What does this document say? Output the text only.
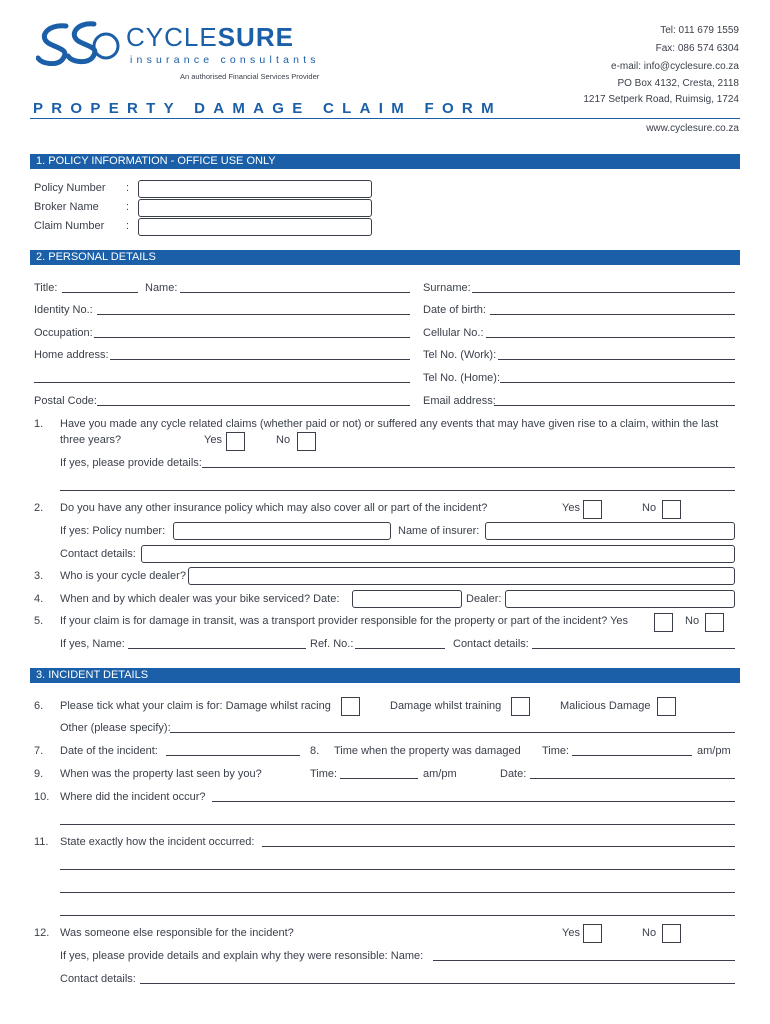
CYCLESURE
insurance consultants
An authorised Financial Services Provider
Tel: 011 679 1559
Fax: 086 574 6304
e-mail: info@cyclesure.co.za
PO Box 4132, Cresta, 2118
1217 Setperk Road, Ruimsig, 1724
PROPERTY DAMAGE CLAIM FORM
www.cyclesure.co.za
1. POLICY INFORMATION - OFFICE USE ONLY
Policy Number :
Broker Name :
Claim Number :
2. PERSONAL DETAILS
Title:	Name:	Surname:
Identity No.:	Date of birth:
Occupation:	Cellular No.:
Home address:	Tel No. (Work):
Tel No. (Home):
Postal Code:	Email address:
1. Have you made any cycle related claims (whether paid or not) or suffered any events that may have given rise to a claim, within the last
three years?	Yes	No
If yes, please provide details:
2. Do you have any other insurance policy which may also cover all or part of the incident?	Yes	No
If yes: Policy number:	Name of insurer:
Contact details:
3. Who is your cycle dealer?
4. When and by which dealer was your bike serviced? Date:	Dealer:
5. If your claim is for damage in transit, was a transport provider responsible for the property or part of the incident? Yes	No
If yes, Name:	Ref. No.:	Contact details:
3. INCIDENT DETAILS
6. Please tick what your claim is for: Damage whilst racing	Damage whilst training	Malicious Damage
Other (please specify):
7. Date of the incident:	8. Time when the property was damaged Time:	am/pm
9. When was the property last seen by you?	Time:	am/pm	Date:
10. Where did the incident occur?
11. State exactly how the incident occurred:
12. Was someone else responsible for the incident?	Yes	No
If yes, please provide details and explain why they were resonsible: Name:
Contact details:
